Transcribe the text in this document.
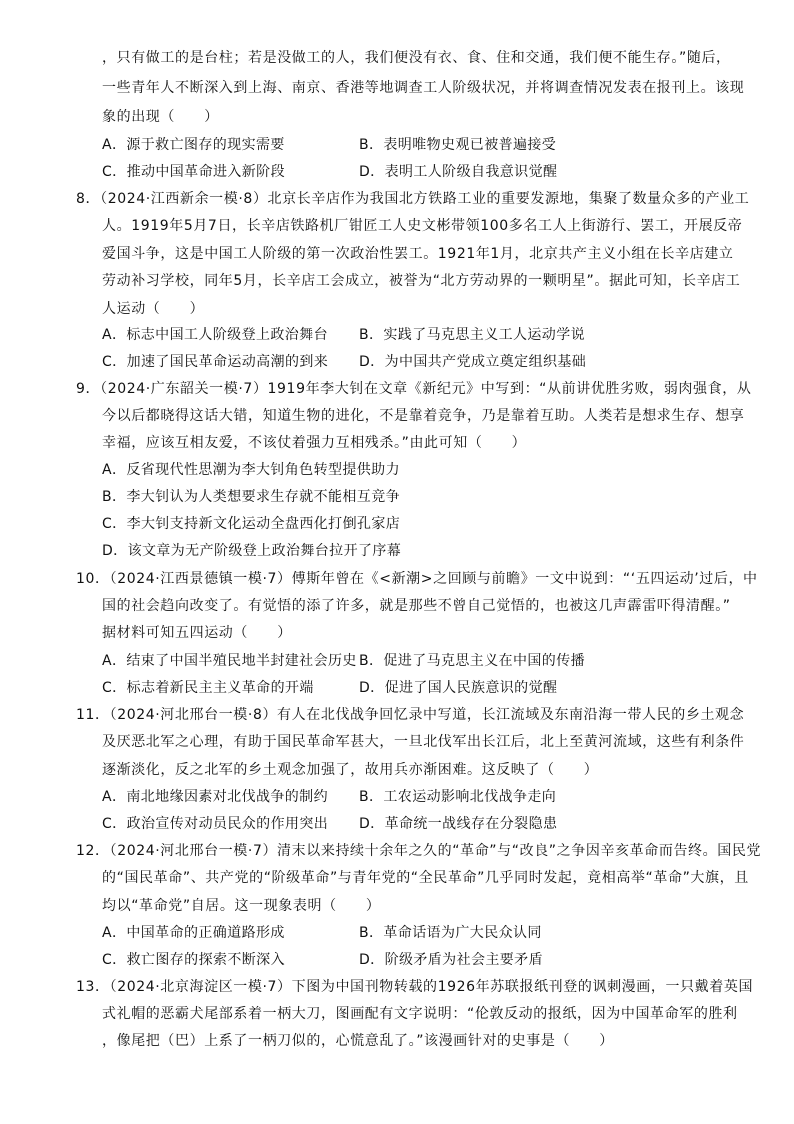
，只有做工的是台柱；若是没做工的人，我们便没有衣、食、住和交通，我们便不能生存。”随后，
一些青年人不断深入到上海、南京、香港等地调查工人阶级状况，并将调查情况发表在报刊上。该现
象的出现（　　）
A．源于救亡图存的现实需要	B．表明唯物史观已被普遍接受
C．推动中国革命进入新阶段	D．表明工人阶级自我意识觉醒
8．（2024·江西新余一模·8）北京长辛店作为我国北方铁路工业的重要发源地，集聚了数量众多的产业工
人。1919年5月7日，长辛店铁路机厂钳匠工人史文彬带领100多名工人上街游行、罢工，开展反帝
爱国斗争，这是中国工人阶级的第一次政治性罢工。1921年1月，北京共产主义小组在长辛店建立
劳动补习学校，同年5月，长辛店工会成立，被誉为“北方劳动界的一颗明星”。据此可知，长辛店工
人运动（　　）
A．标志中国工人阶级登上政治舞台 B．实践了马克思主义工人运动学说
C．加速了国民革命运动高潮的到来 D．为中国共产党成立奠定组织基础
9．（2024·广东韶关一模·7）1919年李大钊在文章《新纪元》中写到：“从前讲优胜劣败，弱肉强食，从
今以后都晓得这话大错，知道生物的进化，不是靠着竞争，乃是靠着互助。人类若是想求生存、想享
幸福，应该互相友爱，不该仗着强力互相残杀。”由此可知（　　）
A．反省现代性思潮为李大钊角色转型提供助力
B．李大钊认为人类想要求生存就不能相互竞争
C．李大钊支持新文化运动全盘西化打倒孔家店
D．该文章为无产阶级登上政治舞台拉开了序幕
10．（2024·江西景德镇一模·7）傅斯年曾在《<新潮>之回顾与前瞻》一文中说到：“‘五四运动’过后，中
国的社会趋向改变了。有觉悟的添了许多，就是那些不曾自己觉悟的，也被这几声霹雷吓得清醒。”
据材料可知五四运动（　　）
A．结束了中国半殖民地半封建社会历史 B．促进了马克思主义在中国的传播
C．标志着新民主主义革命的开端	D．促进了国人民族意识的觉醒
11．（2024·河北邢台一模·8）有人在北伐战争回忆录中写道，长江流域及东南沿海一带人民的乡土观念
及厌恶北军之心理，有助于国民革命军甚大，一旦北伐军出长江后，北上至黄河流域，这些有利条件
逐渐淡化，反之北军的乡土观念加强了，故用兵亦渐困难。这反映了（　　）
A．南北地缘因素对北伐战争的制约 B．工农运动影响北伐战争走向
C．政治宣传对动员民众的作用突出 D．革命统一战线存在分裂隐患
12．（2024·河北邢台一模·7）清末以来持续十余年之久的“革命”与“改良”之争因辛亥革命而告终。国民党
的“国民革命”、共产党的“阶级革命”与青年党的“全民革命”几乎同时发起，竟相高举“革命”大旗，且
均以“革命党”自居。这一现象表明（　　）
A．中国革命的正确道路形成	B．革命话语为广大民众认同
C．救亡图存的探索不断深入	D．阶级矛盾为社会主要矛盾
13．（2024·北京海淀区一模·7）下图为中国刊物转载的1926年苏联报纸刊登的讽刺漫画，一只戴着英国
式礼帽的恶霸犬尾部系着一柄大刀，图画配有文字说明：“伦敦反动的报纸，因为中国革命军的胜利
，像尾把（巴）上系了一柄刀似的，心慌意乱了。”该漫画针对的史事是（　　）
